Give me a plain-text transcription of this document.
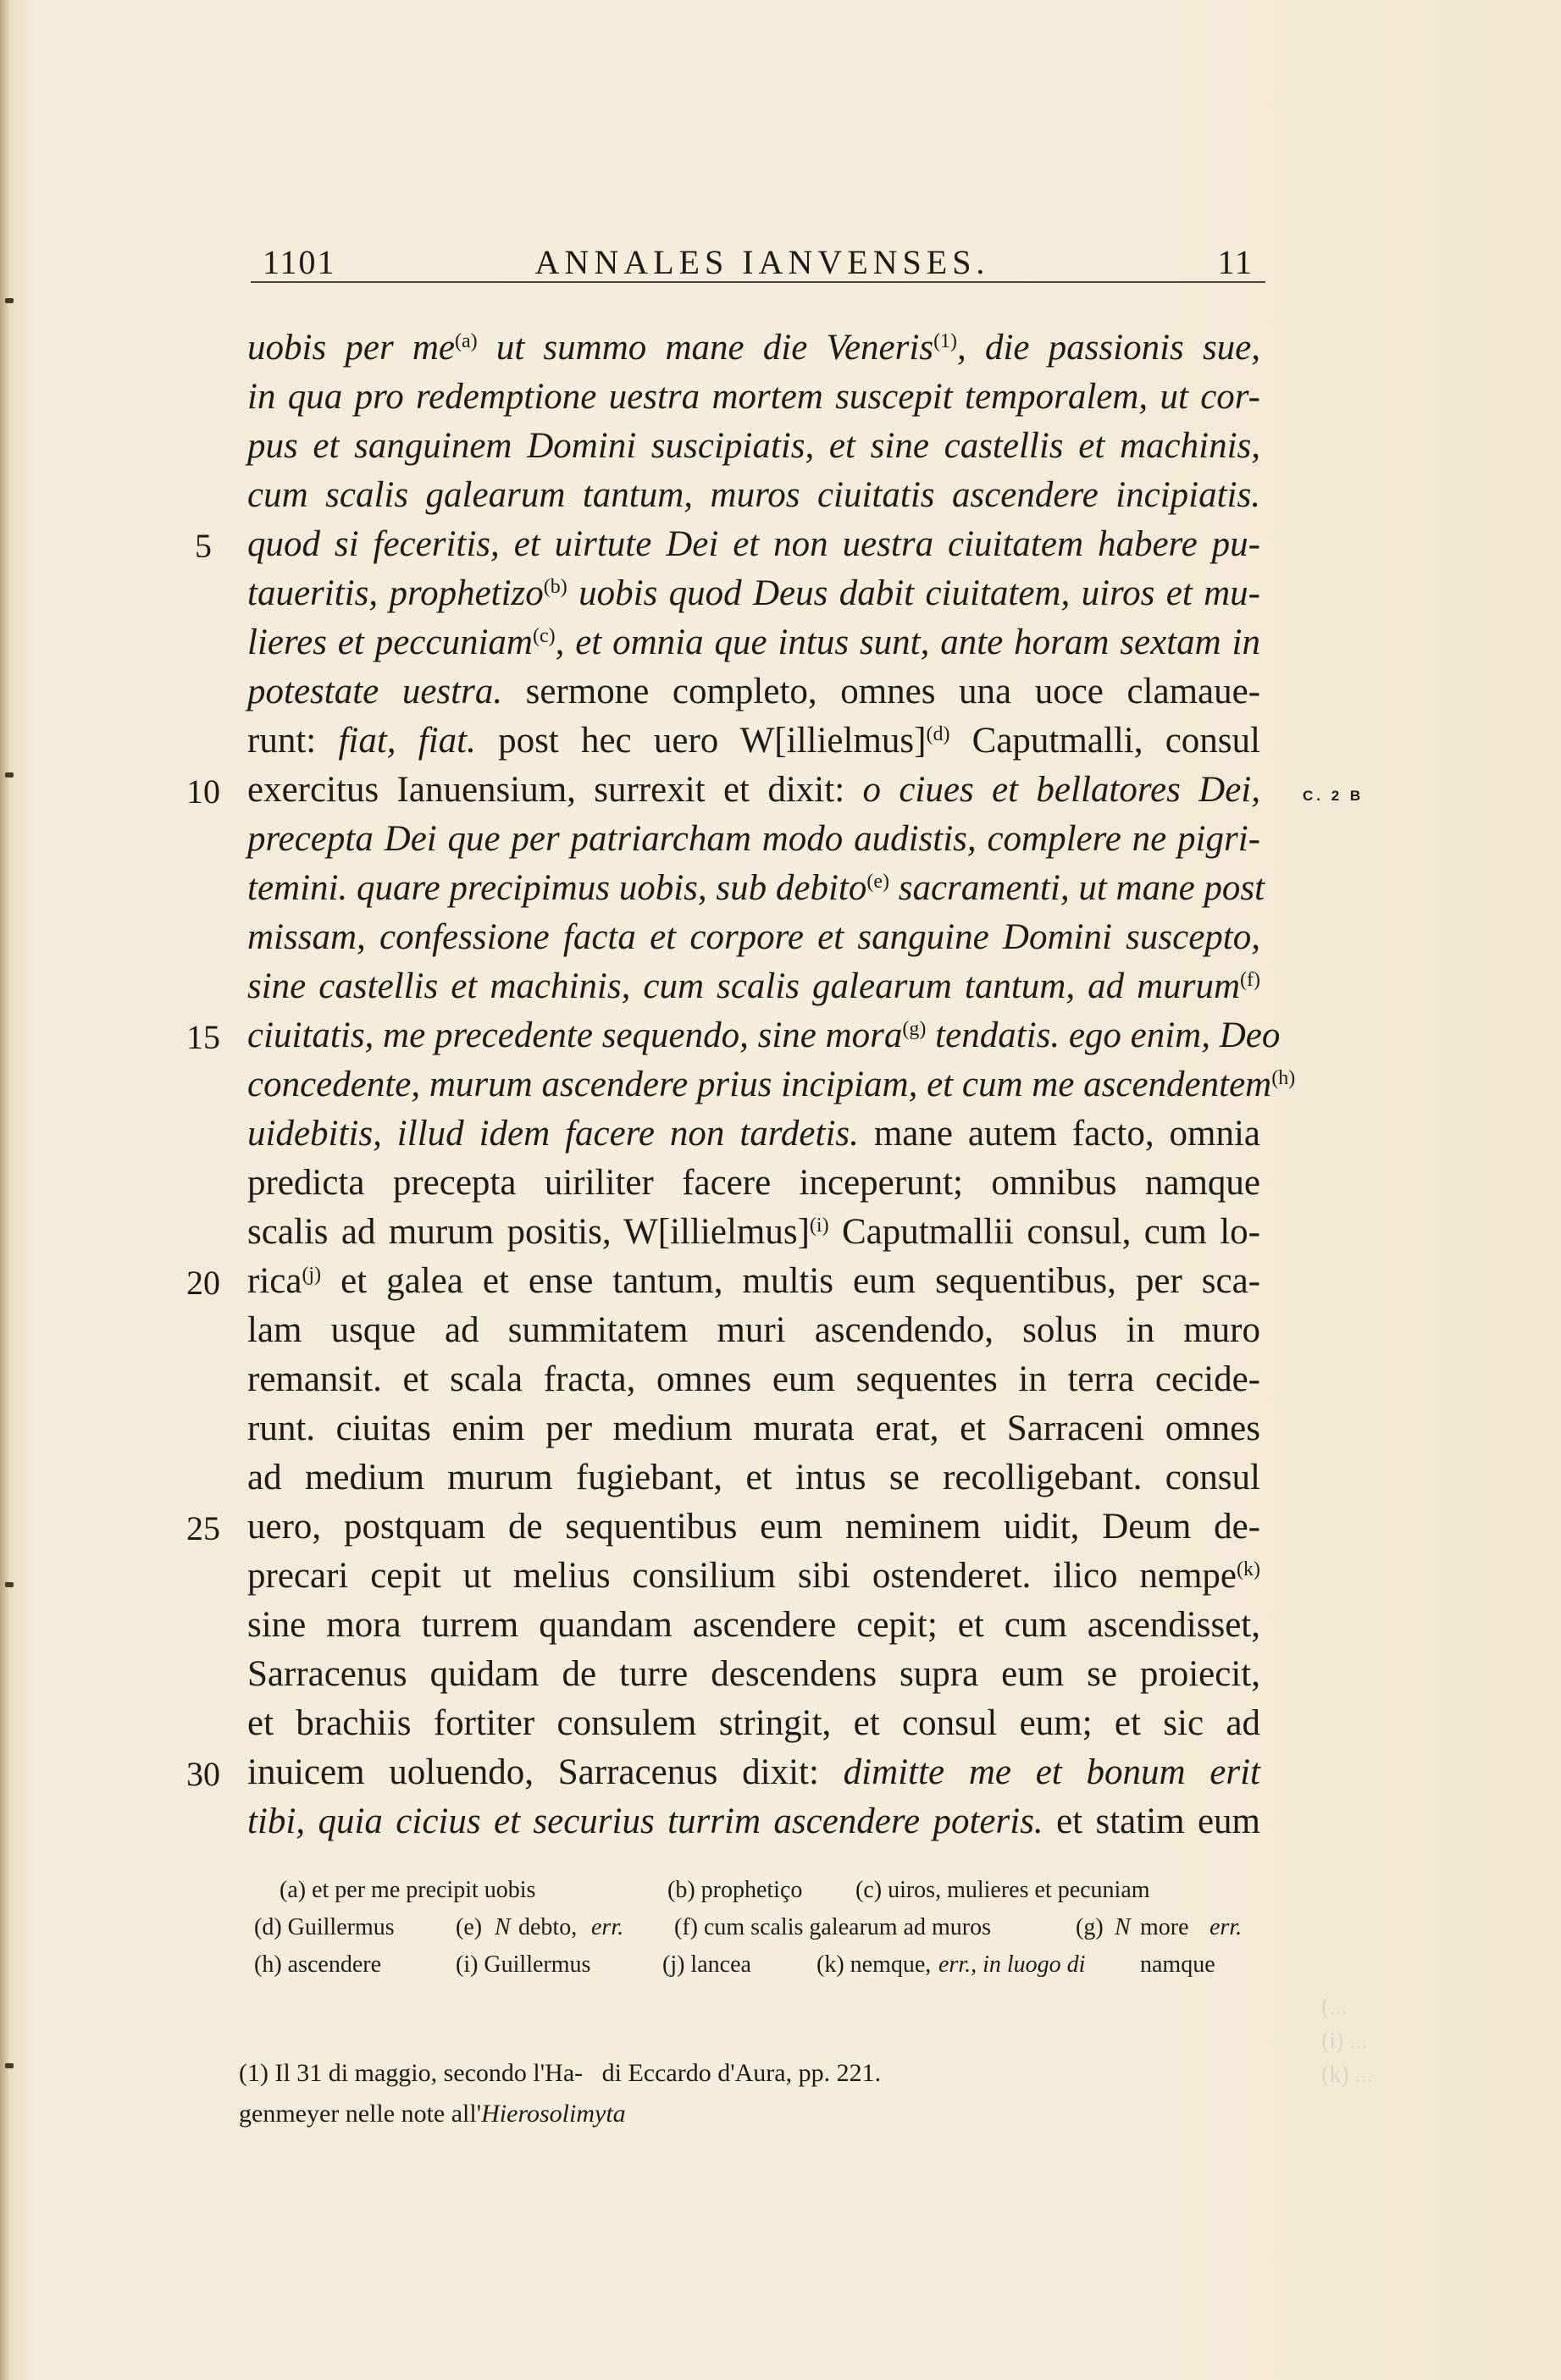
1101	ANNALES IANVENSES.	11
C. 2 B
5
10
15
20
25
30
uobis per $me^{(a)}$ ut summo mane die Veneris$^{(1)}$, die passionis sue,
in qua pro redemptione uestra mortem suscepit temporalem, ut cor-
pus et sanguinem Domini suscipiatis, et sine castellis et machinis,
cum scalis galearum tantum, muros ciuitatis ascendere incipiatis.
quod si feceritis, et uirtute Dei et non uestra ciuitatem habere pu-
taueritis, prophetizo$^{(b)}$ uobis quod Deus dabit ciuitatem, uiros et mu-
lieres et peccuniam$^{(c)}$, et omnia que intus sunt, ante horam sextam in
potestate uestra. sermone completo, omnes una uoce clamaue-
runt: fiat, fiat. post hec uero W[illielmus]$^{(d)}$ Caputmalli, consul
exercitus Ianuensium, surrexit et dixit: o ciues et bellatores Dei,
precepta Dei que per patriarcham modo audistis, complere ne pigri-
temini. quare precipimus uobis, sub debito$^{(e)}$ sacramenti, ut mane post
missam, confessione facta et corpore et sanguine Domini suscepto,
sine castellis et machinis, cum scalis galearum tantum, ad murum$^{(f)}$
ciuitatis, me precedente sequendo, sine mora$^{(g)}$ tendatis. ego enim, Deo
concedente, murum ascendere prius incipiam, et cum me ascendentem$^{(h)}$
uidebitis, illud idem facere non tardetis. mane autem facto, omnia
predicta precepta uiriliter facere inceperunt; omnibus namque
scalis ad murum positis, W[illielmus]$^{(i)}$ Caputmallii consul, cum lo-
rica$^{(j)}$ et galea et ense tantum, multis eum sequentibus, per sca-
lam usque ad summitatem muri ascendendo, solus in muro
remansit. et scala fracta, omnes eum sequentes in terra cecide-
runt. ciuitas enim per medium murata erat, et Sarraceni omnes
ad medium murum fugiebant, et intus se recolligebant. consul
uero, postquam de sequentibus eum neminem uidit, Deum de-
precari cepit ut melius consilium sibi ostenderet. ilico nempe$^{(k)}$
sine mora turrem quandam ascendere cepit; et cum ascendisset,
Sarracenus quidam de turre descendens supra eum se proiecit,
et brachiis fortiter consulem stringit, et consul eum; et sic ad
inuicem uoluendo, Sarracenus dixit: dimitte me et bonum erit
tibi, quia cicius et securius turrim ascendere poteris. et statim eum
(a) et per me precipit uobis	(b) prophetiço (c) uiros, mulieres et pecuniam
(d) Guillermus	(e) N debto, err. (f) cum scalis galearum ad muros	(g) N more err.
(h) ascendere	(i) Guillermus	(j) lancea	(k) nemque, err., in luogo di namque
(1) Il 31 di maggio, secondo l'Ha-   di Eccardo d'Aura, pp. 221.
genmeyer nelle note all'Hierosolimyta
(...
(i) ...
(k) ...
